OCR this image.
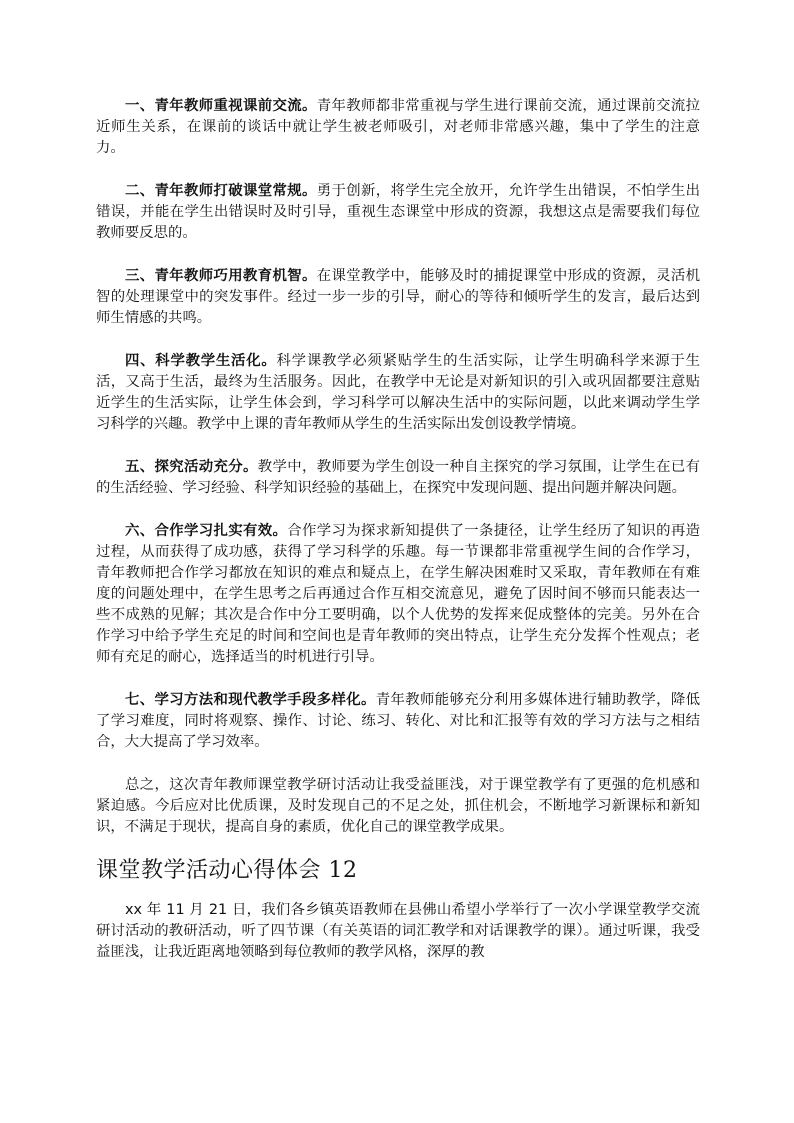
一、青年教师重视课前交流。青年教师都非常重视与学生进行课前交流，通过课前交流拉近师生关系，在课前的谈话中就让学生被老师吸引，对老师非常感兴趣，集中了学生的注意力。

二、青年教师打破课堂常规。勇于创新，将学生完全放开，允许学生出错误，不怕学生出错误，并能在学生出错误时及时引导，重视生态课堂中形成的资源，我想这点是需要我们每位教师要反思的。

三、青年教师巧用教育机智。在课堂教学中，能够及时的捕捉课堂中形成的资源，灵活机智的处理课堂中的突发事件。经过一步一步的引导，耐心的等待和倾听学生的发言，最后达到师生情感的共鸣。

四、科学教学生活化。科学课教学必须紧贴学生的生活实际，让学生明确科学来源于生活，又高于生活，最终为生活服务。因此，在教学中无论是对新知识的引入或巩固都要注意贴近学生的生活实际，让学生体会到，学习科学可以解决生活中的实际问题，以此来调动学生学习科学的兴趣。教学中上课的青年教师从学生的生活实际出发创设教学情境。

五、探究活动充分。教学中，教师要为学生创设一种自主探究的学习氛围，让学生在已有的生活经验、学习经验、科学知识经验的基础上，在探究中发现问题、提出问题并解决问题。

六、合作学习扎实有效。合作学习为探求新知提供了一条捷径，让学生经历了知识的再造过程，从而获得了成功感，获得了学习科学的乐趣。每一节课都非常重视学生间的合作学习，青年教师把合作学习都放在知识的难点和疑点上，在学生解决困难时又采取，青年教师在有难度的问题处理中，在学生思考之后再通过合作互相交流意见，避免了因时间不够而只能表达一些不成熟的见解；其次是合作中分工要明确，以个人优势的发挥来促成整体的完美。另外在合作学习中给予学生充足的时间和空间也是青年教师的突出特点，让学生充分发挥个性观点；老师有充足的耐心，选择适当的时机进行引导。

七、学习方法和现代教学手段多样化。青年教师能够充分利用多媒体进行辅助教学，降低了学习难度，同时将观察、操作、讨论、练习、转化、对比和汇报等有效的学习方法与之相结合，大大提高了学习效率。

总之，这次青年教师课堂教学研讨活动让我受益匪浅，对于课堂教学有了更强的危机感和紧迫感。今后应对比优质课，及时发现自己的不足之处，抓住机会，不断地学习新课标和新知识，不满足于现状，提高自身的素质，优化自己的课堂教学成果。

课堂教学活动心得体会 12

xx 年 11 月 21 日，我们各乡镇英语教师在县佛山希望小学举行了一次小学课堂教学交流研讨活动的教研活动，听了四节课（有关英语的词汇教学和对话课教学的课）。通过听课，我受益匪浅，让我近距离地领略到每位教师的教学风格，深厚的教
